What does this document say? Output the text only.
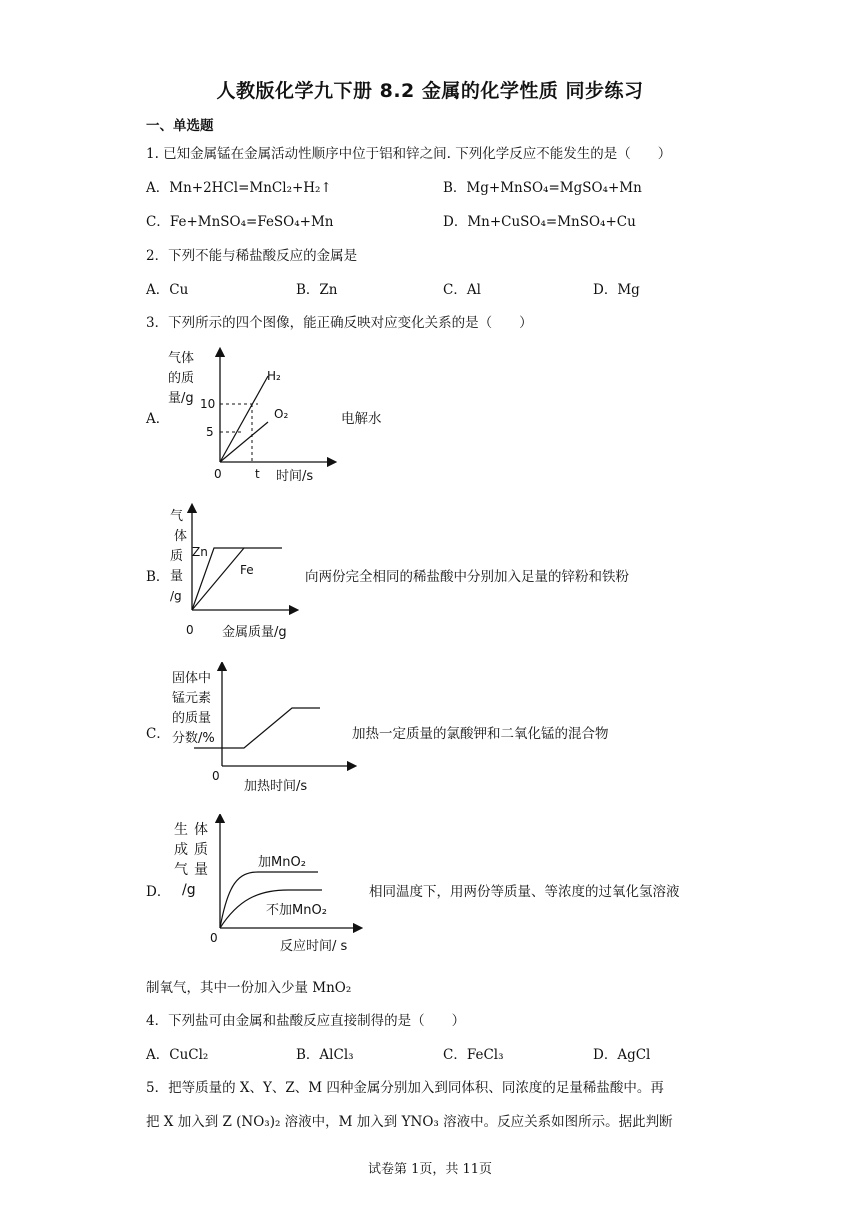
人教版化学九下册 8.2 金属的化学性质 同步练习
一、单选题
1. 已知金属锰在金属活动性顺序中位于铝和锌之间. 下列化学反应不能发生的是（　　）
A．Mn+2HCl=MnCl₂+H₂↑	B．Mg+MnSO₄=MgSO₄+Mn
C．Fe+MnSO₄=FeSO₄+Mn	D．Mn+CuSO₄=MnSO₄+Cu
2．下列不能与稀盐酸反应的金属是
A．Cu	B．Zn	C．Al	D．Mg
3．下列所示的四个图像，能正确反映对应变化关系的是（　　）
A．
气体
的质
量/g 10
5
0	t 时间/s
H₂
O₂	电解水
B．
气
体
质
量
/g
Zn
Fe
0 金属质量/g
向两份完全相同的稀盐酸中分别加入足量的锌粉和铁粉
C．
固体中
锰元素
的质量
分数/%
0
加热时间/s
加热一定质量的氯酸钾和二氧化锰的混合物
D．
生
成
气
/g
体
质
量	加MnO₂
不加MnO₂
0
反应时间/ s
相同温度下，用两份等质量、等浓度的过氧化氢溶液
制氧气，其中一份加入少量 MnO₂
4．下列盐可由金属和盐酸反应直接制得的是（　　）
A．CuCl₂	B．AlCl₃	C．FeCl₃	D．AgCl
5．把等质量的 X、Y、Z、M 四种金属分别加入到同体积、同浓度的足量稀盐酸中。再
把 X 加入到 Z (NO₃)₂ 溶液中，M 加入到 YNO₃ 溶液中。反应关系如图所示。据此判断
试卷第 1页，共 11页
